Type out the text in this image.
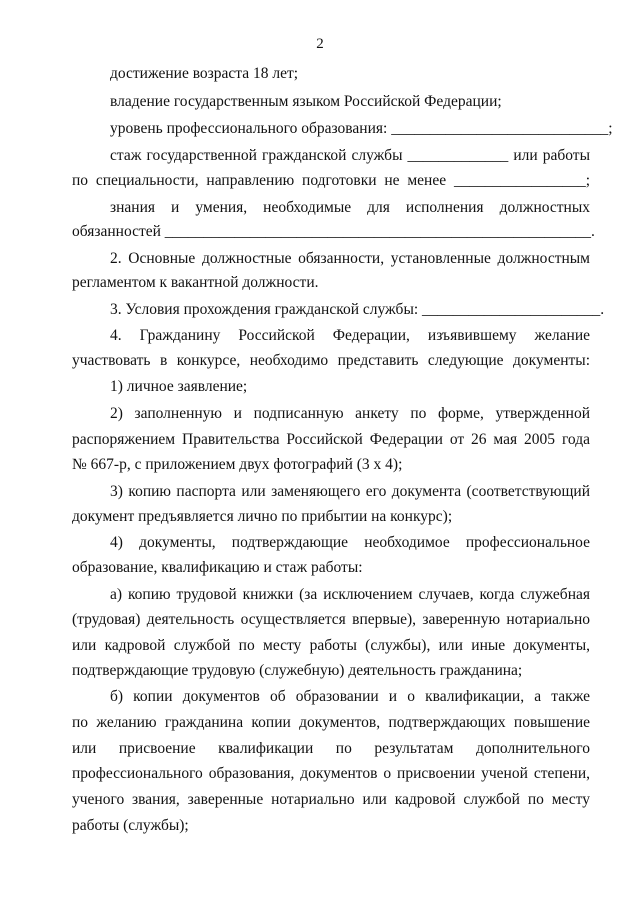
2
достижение возраста 18 лет;
владение государственным языком Российской Федерации;
уровень профессионального образования: ____________________________;
стаж государственной гражданской службы _____________ или работы
по специальности, направлению подготовки не менее _________________;
знания и умения, необходимые для исполнения должностных
обязанностей _______________________________________________________.
2. Основные должностные обязанности, установленные должностным
регламентом к вакантной должности.
3. Условия прохождения гражданской службы: _______________________.
4. Гражданину Российской Федерации, изъявившему желание
участвовать в конкурсе, необходимо представить следующие документы:
1) личное заявление;
2) заполненную и подписанную анкету по форме, утвержденной
распоряжением Правительства Российской Федерации от 26 мая 2005 года
№ 667-р, с приложением двух фотографий (3 х 4);
3) копию паспорта или заменяющего его документа (соответствующий
документ предъявляется лично по прибытии на конкурс);
4) документы, подтверждающие необходимое профессиональное
образование, квалификацию и стаж работы:
а) копию трудовой книжки (за исключением случаев, когда служебная
(трудовая) деятельность осуществляется впервые), заверенную нотариально
или кадровой службой по месту работы (службы), или иные документы,
подтверждающие трудовую (служебную) деятельность гражданина;
б) копии документов об образовании и о квалификации, а также
по желанию гражданина копии документов, подтверждающих повышение
или присвоение квалификации по результатам дополнительного
профессионального образования, документов о присвоении ученой степени,
ученого звания, заверенные нотариально или кадровой службой по месту
работы (службы);
